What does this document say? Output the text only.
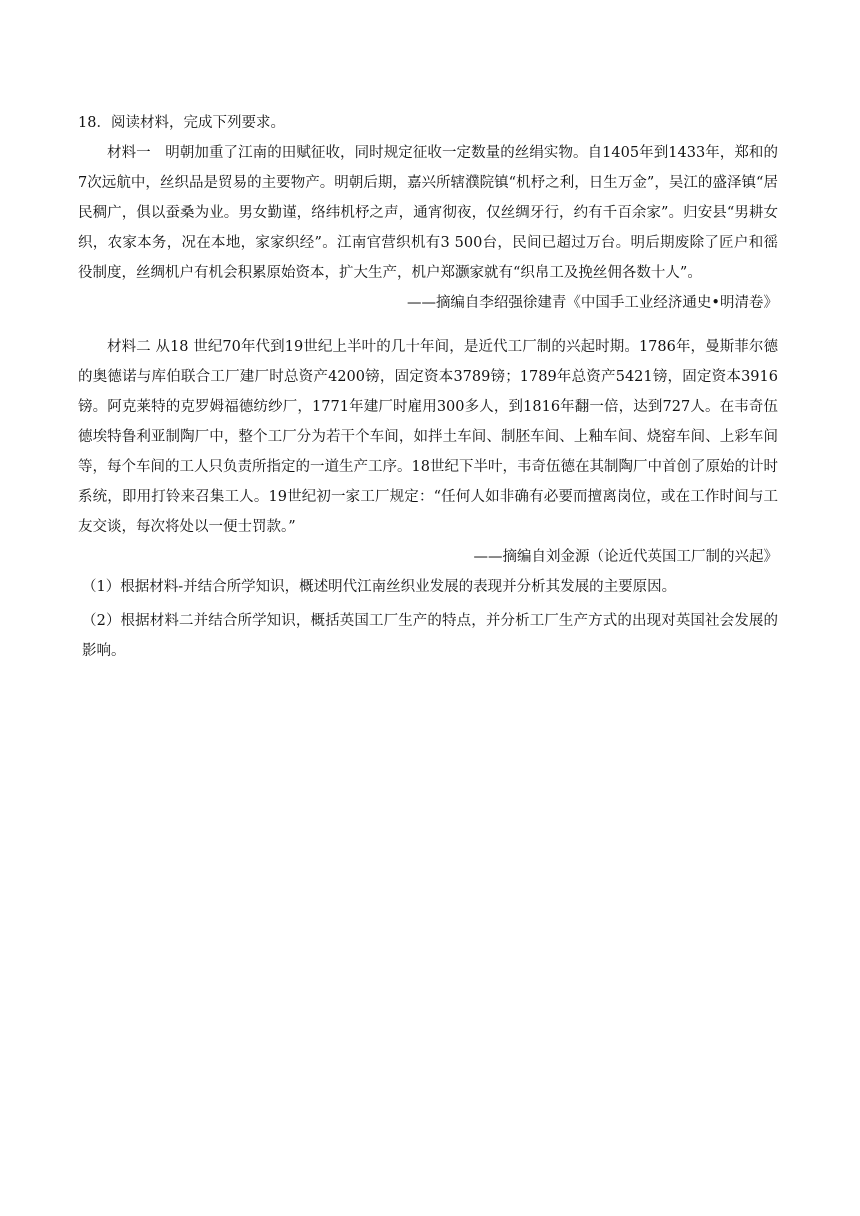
18．阅读材料，完成下列要求。

材料一　明朝加重了江南的田赋征收，同时规定征收一定数量的丝绢实物。自1405年到1433年，郑和的7次远航中，丝织品是贸易的主要物产。明朝后期，嘉兴所辖濮院镇“机杼之利，日生万金”，吴江的盛泽镇“居民稠广，俱以蚕桑为业。男女勤谨，络纬机杼之声，通宵彻夜，仅丝绸牙行，约有千百余家”。归安县“男耕女织，农家本务，况在本地，家家织经”。江南官营织机有3 500台，民间已超过万台。明后期废除了匠户和徭役制度，丝绸机户有机会积累原始资本，扩大生产，机户郑灏家就有“织帛工及挽丝佣各数十人”。

——摘编自李绍强徐建青《中国手工业经济通史•明清卷》

材料二 从18 世纪70年代到19世纪上半叶的几十年间，是近代工厂制的兴起时期。1786年，曼斯菲尔德的奥德诺与库伯联合工厂建厂时总资产4200镑，固定资本3789镑；1789年总资产5421镑，固定资本3916镑。阿克莱特的克罗姆福德纺纱厂，1771年建厂时雇用300多人，到1816年翻一倍，达到727人。在韦奇伍德埃特鲁利亚制陶厂中，整个工厂分为若干个车间，如拌土车间、制胚车间、上釉车间、烧窑车间、上彩车间等，每个车间的工人只负责所指定的一道生产工序。18世纪下半叶，韦奇伍德在其制陶厂中首创了原始的计时系统，即用打铃来召集工人。19世纪初一家工厂规定：“任何人如非确有必要而擅离岗位，或在工作时间与工友交谈，每次将处以一便士罚款。”

——摘编自刘金源（论近代英国工厂制的兴起》

（1）根据材料-并结合所学知识，概述明代江南丝织业发展的表现并分析其发展的主要原因。

（2）根据材料二并结合所学知识，概括英国工厂生产的特点，并分析工厂生产方式的出现对英国社会发展的影响。
